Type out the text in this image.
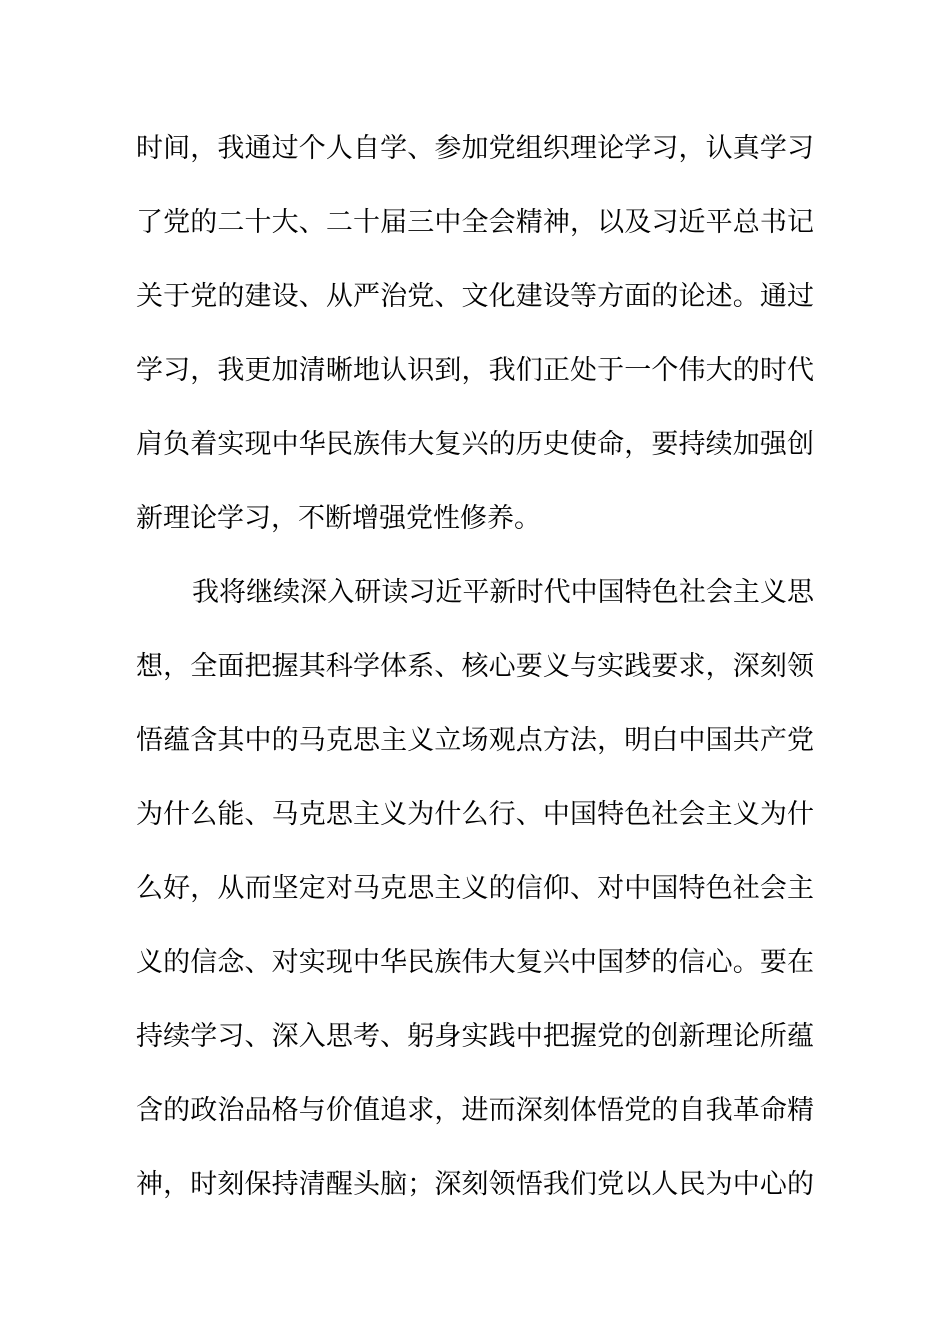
时间，我通过个人自学、参加党组织理论学习，认真学习
了党的二十大、二十届三中全会精神，以及习近平总书记
关于党的建设、从严治党、文化建设等方面的论述。通过
学习，我更加清晰地认识到，我们正处于一个伟大的时代
肩负着实现中华民族伟大复兴的历史使命，要持续加强创
新理论学习，不断增强党性修养。
我将继续深入研读习近平新时代中国特色社会主义思
想，全面把握其科学体系、核心要义与实践要求，深刻领
悟蕴含其中的马克思主义立场观点方法，明白中国共产党
为什么能、马克思主义为什么行、中国特色社会主义为什
么好，从而坚定对马克思主义的信仰、对中国特色社会主
义的信念、对实现中华民族伟大复兴中国梦的信心。要在
持续学习、深入思考、躬身实践中把握党的创新理论所蕴
含的政治品格与价值追求，进而深刻体悟党的自我革命精
神，时刻保持清醒头脑；深刻领悟我们党以人民为中心的
